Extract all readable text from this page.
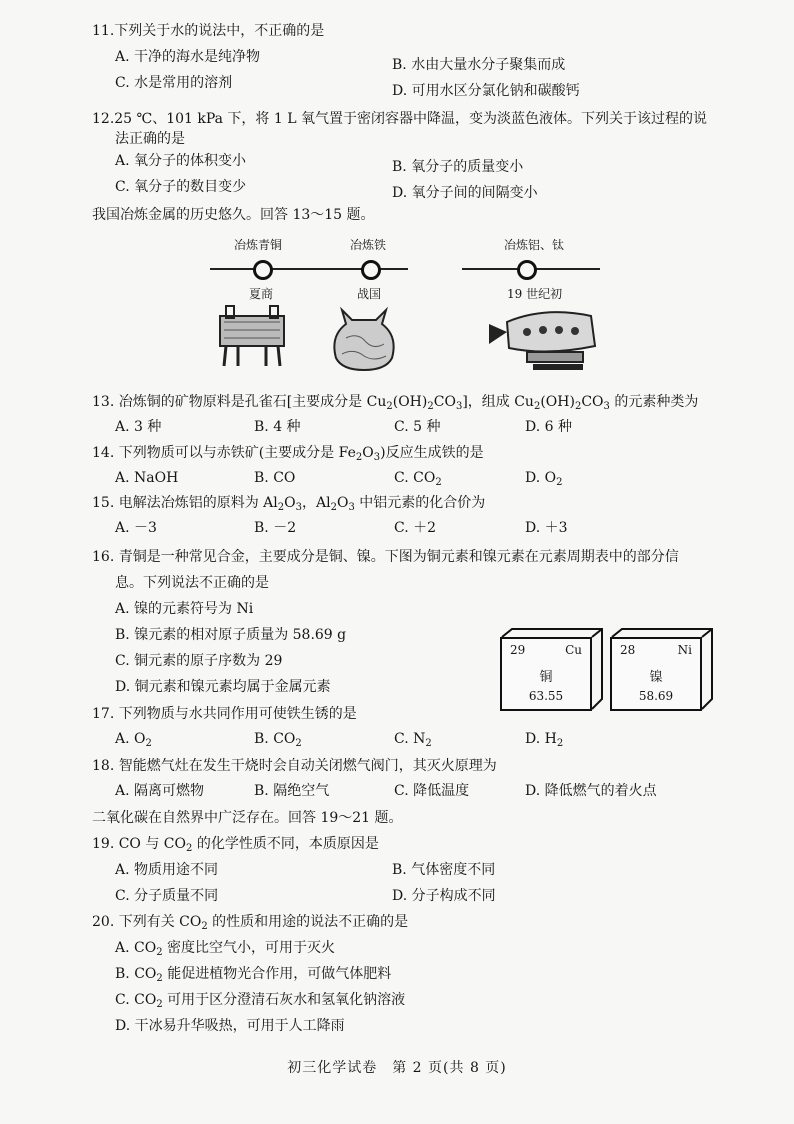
11.下列关于水的说法中，不正确的是
A. 干净的海水是纯净物	B. 水由大量水分子聚集而成
C. 水是常用的溶剂	D. 可用水区分氯化钠和碳酸钙
12.25 ℃、101 kPa 下，将 1 L 氧气置于密闭容器中降温，变为淡蓝色液体。下列关于该过程的说
法正确的是
A. 氧分子的体积变小	B. 氧分子的质量变小
C. 氧分子的数目变少	D. 氧分子间的间隔变小
我国冶炼金属的历史悠久。回答 13～15 题。
冶炼青铜	冶炼铁	冶炼铝、钛
夏商	战国	19 世纪初
13. 冶炼铜的矿物原料是孔雀石[主要成分是 $Cu_2(OH)_2CO_3$]，组成 $Cu_2(OH)_2CO_3$ 的元素种类为
A. 3 种	B. 4 种	C. 5 种	D. 6 种
14. 下列物质可以与赤铁矿(主要成分是 $Fe_2O_3$)反应生成铁的是
A. NaOH	B. CO	C. $CO_2$	D. $O_2$
15. 电解法冶炼铝的原料为 $Al_2O_3$，$Al_2O_3$ 中铝元素的化合价为
A. －3	B. －2	C. ＋2	D. ＋3
16. 青铜是一种常见合金，主要成分是铜、镍。下图为铜元素和镍元素在元素周期表中的部分信
息。下列说法不正确的是
A. 镍的元素符号为 Ni
B. 镍元素的相对原子质量为 58.69 g
C. 铜元素的原子序数为 29
D. 铜元素和镍元素均属于金属元素
29	Cu
铜
63.55
28	Ni
镍
58.69
17. 下列物质与水共同作用可使铁生锈的是
A. $O_2$	B. $CO_2$	C. $N_2$	D. $H_2$
18. 智能燃气灶在发生干烧时会自动关闭燃气阀门，其灭火原理为
A. 隔离可燃物	B. 隔绝空气	C. 降低温度	D. 降低燃气的着火点
二氧化碳在自然界中广泛存在。回答 19～21 题。
19. CO 与 $CO_2$ 的化学性质不同，本质原因是
A. 物质用途不同	B. 气体密度不同
C. 分子质量不同	D. 分子构成不同
20. 下列有关 $CO_2$ 的性质和用途的说法不正确的是
A. $CO_2$ 密度比空气小，可用于灭火
B. $CO_2$ 能促进植物光合作用，可做气体肥料
C. $CO_2$ 可用于区分澄清石灰水和氢氧化钠溶液
D. 干冰易升华吸热，可用于人工降雨
初三化学试卷　第 2 页(共 8 页)
